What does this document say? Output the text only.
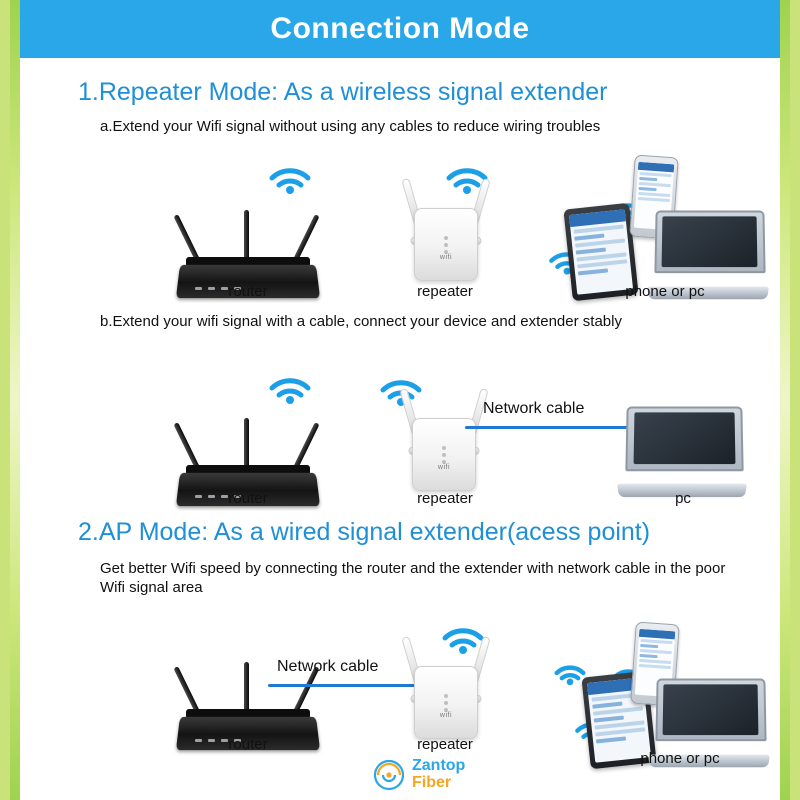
Connection Mode
1.Repeater Mode: As a wireless signal extender
a.Extend your Wifi signal without using any cables to reduce wiring troubles
router
wifi
repeater	phone or pc
b.Extend your wifi signal with a cable, connect your device and extender stably
router
wifi
repeater
Network cable
pc
2.AP Mode: As a wired signal extender(acess point)
Get better Wifi speed by connecting the router and the extender with network cable in the poor Wifi signal area
router
Network cable
wifi
repeater
phone or pc
Zantop
Fiber
